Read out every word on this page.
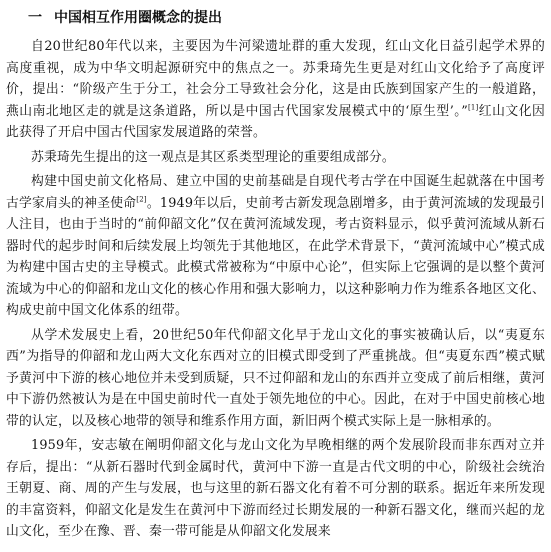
一 中国相互作用圈概念的提出

自20世纪80年代以来，主要因为牛河梁遗址群的重大发现，红山文化日益引起学术界的高度重视，成为中华文明起源研究中的焦点之一。苏秉琦先生更是对红山文化给予了高度评价，提出：“阶级产生于分工，社会分工导致社会分化，这是由氏族到国家产生的一般道路，燕山南北地区走的就是这条道路，所以是中国古代国家发展模式中的‘原生型’。”[1]红山文化因此获得了开启中国古代国家发展道路的荣誉。

苏秉琦先生提出的这一观点是其区系类型理论的重要组成部分。

构建中国史前文化格局、建立中国的史前基础是自现代考古学在中国诞生起就落在中国考古学家肩头的神圣使命[2]。1949年以后，史前考古新发现急剧增多，由于黄河流域的发现最引人注目，也由于当时的“前仰韶文化”仅在黄河流域发现，考古资料显示，似乎黄河流域从新石器时代的起步时间和后续发展上均领先于其他地区，在此学术背景下，“黄河流域中心”模式成为构建中国古史的主导模式。此模式常被称为“中原中心论”，但实际上它强调的是以整个黄河流域为中心的仰韶和龙山文化的核心作用和强大影响力，以这种影响力作为维系各地区文化、构成史前中国文化体系的纽带。

从学术发展史上看，20世纪50年代仰韶文化早于龙山文化的事实被确认后，以“夷夏东西”为指导的仰韶和龙山两大文化东西对立的旧模式即受到了严重挑战。但“夷夏东西”模式赋予黄河中下游的核心地位并未受到质疑，只不过仰韶和龙山的东西并立变成了前后相继，黄河中下游仍然被认为是在中国史前时代一直处于领先地位的中心。因此，在对于中国史前核心地带的认定，以及核心地带的领导和维系作用方面，新旧两个模式实际上是一脉相承的。

1959年，安志敏在阐明仰韶文化与龙山文化为早晚相继的两个发展阶段而非东西对立并存后，提出：“从新石器时代到金属时代，黄河中下游一直是古代文明的中心，阶级社会统治王朝夏、商、周的产生与发展，也与这里的新石器文化有着不可分割的联系。据近年来所发现的丰富资料，仰韶文化是发生在黄河中下游而经过长期发展的一种新石器文化，继而兴起的龙山文化，至少在豫、晋、秦一带可能是从仰韶文化发展来
